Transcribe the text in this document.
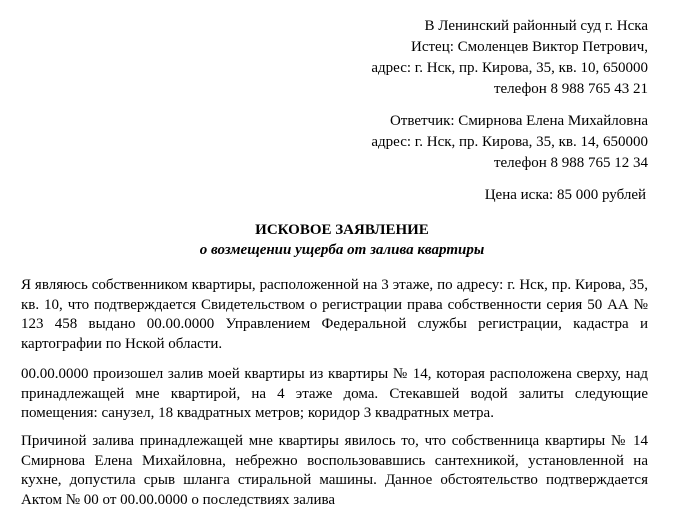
В Ленинский районный суд г. Нска
Истец: Смоленцев Виктор Петрович,
адрес: г. Нск, пр. Кирова, 35, кв. 10, 650000
телефон 8 988 765 43 21
Ответчик: Смирнова Елена Михайловна
адрес: г. Нск, пр. Кирова, 35, кв. 14, 650000
телефон 8 988 765 12 34
Цена иска: 85 000 рублей
ИСКОВОЕ ЗАЯВЛЕНИЕ
о возмещении ущерба от залива квартиры

Я являюсь собственником квартиры, расположенной на 3 этаже, по адресу: г. Нск, пр. Кирова, 35, кв. 10, что подтверждается Свидетельством о регистрации права собственности серия 50 АА № 123 458 выдано 00.00.0000 Управлением Федеральной службы регистрации, кадастра и картографии по Нской области.

00.00.0000 произошел залив моей квартиры из квартиры № 14, которая расположена сверху, над принадлежащей мне квартирой, на 4 этаже дома. Стекавшей водой залиты следующие помещения: санузел, 18 квадратных метров; коридор 3 квадратных метра.

Причиной залива принадлежащей мне квартиры явилось то, что собственница квартиры № 14 Смирнова Елена Михайловна, небрежно воспользовавшись сантехникой, установленной на кухне, допустила срыв шланга стиральной машины. Данное обстоятельство подтверждается Актом № 00 от 00.00.0000 о последствиях залива
